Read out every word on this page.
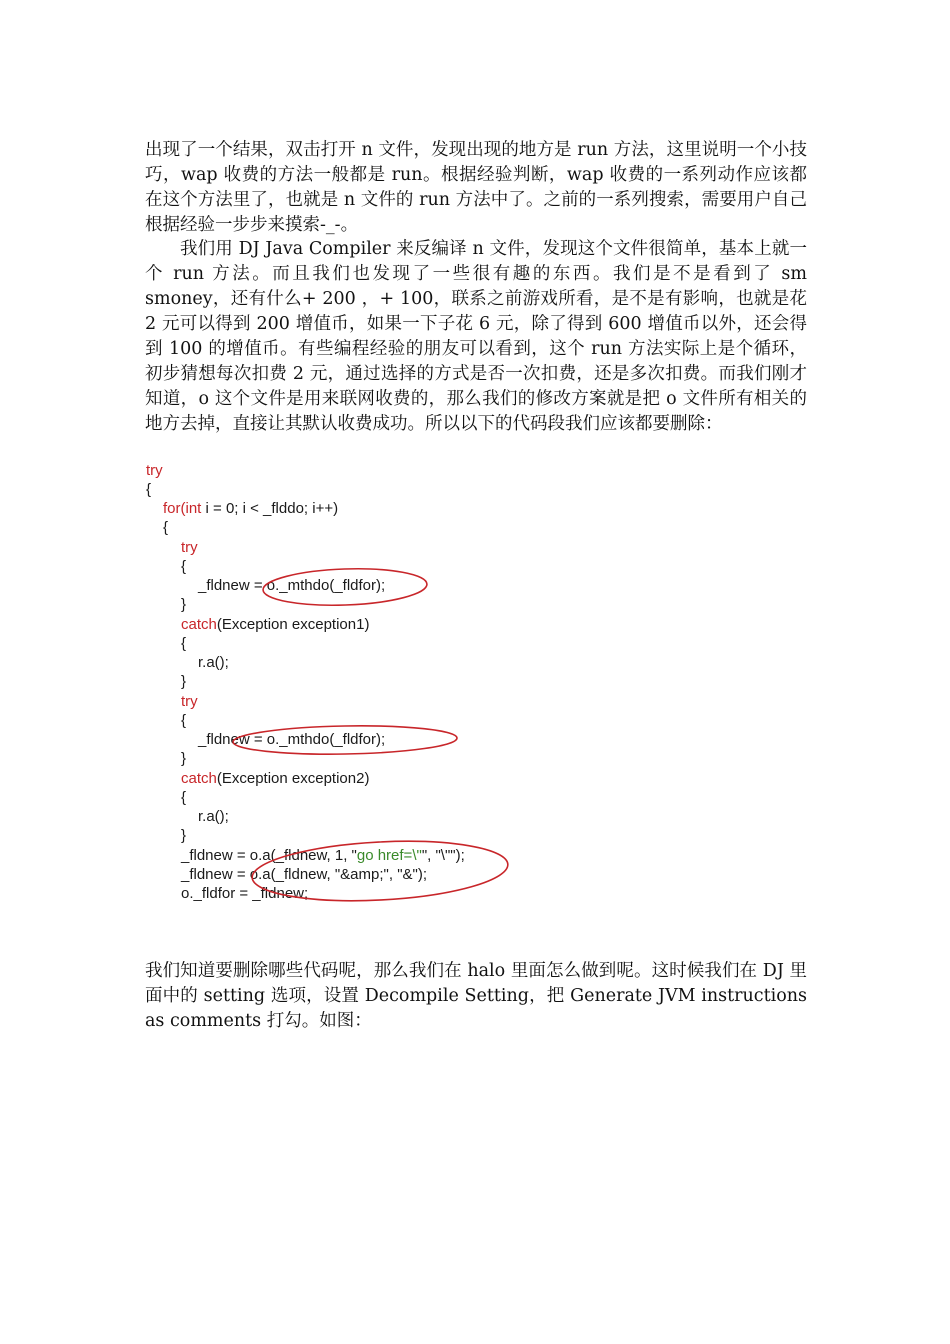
出现了一个结果，双击打开 n 文件，发现出现的地方是 run 方法，这里说明一个小技巧，wap 收费的方法一般都是 run。根据经验判断，wap 收费的一系列动作应该都在这个方法里了，也就是 n 文件的 run 方法中了。之前的一系列搜索，需要用户自己根据经验一步步来摸索-_-。

我们用 DJ Java Compiler 来反编译 n 文件，发现这个文件很简单，基本上就一个 run 方法。而且我们也发现了一些很有趣的东西。我们是不是看到了 sm smoney，还有什么+ 200 ，+ 100，联系之前游戏所看，是不是有影响，也就是花 2 元可以得到 200 增值币，如果一下子花 6 元，除了得到 600 增值币以外，还会得到 100 的增值币。有些编程经验的朋友可以看到，这个 run 方法实际上是个循环，初步猜想每次扣费 2 元，通过选择的方式是否一次扣费，还是多次扣费。而我们刚才知道，o 这个文件是用来联网收费的，那么我们的修改方案就是把 o 文件所有相关的地方去掉，直接让其默认收费成功。所以以下的代码段我们应该都要删除：

try
{
for(int i = 0; i < _flddo; i++)
{
try
{
_fldnew = o._mthdo(_fldfor);
}
catch(Exception exception1)
{
r.a();
}
try
{
_fldnew = o._mthdo(_fldfor);
}
catch(Exception exception2)
{
r.a();
}
_fldnew = o.a(_fldnew, 1, "go href=\"", "\"");
_fldnew = o.a(_fldnew, "&amp;", "&");
o._fldfor = _fldnew;

我们知道要删除哪些代码呢，那么我们在 halo 里面怎么做到呢。这时候我们在 DJ 里面中的 setting 选项，设置 Decompile Setting，把 Generate JVM instructions as comments 打勾。如图：
